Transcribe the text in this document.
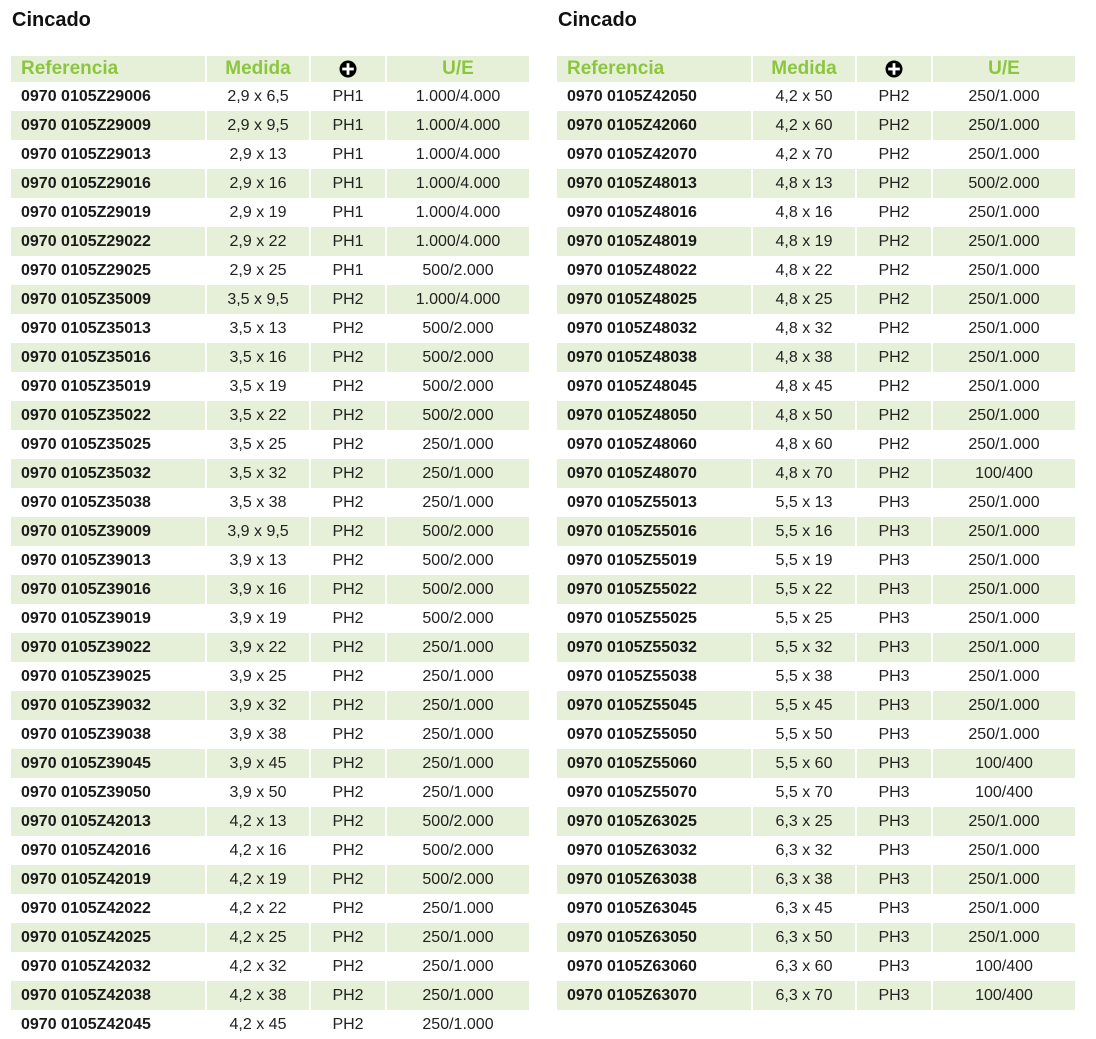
Cincado
Referencia	Medida		U/E
0970 0105Z29006	2,9 x 6,5	PH1	1.000/4.000
0970 0105Z29009	2,9 x 9,5	PH1	1.000/4.000
0970 0105Z29013	2,9 x 13	PH1	1.000/4.000
0970 0105Z29016	2,9 x 16	PH1	1.000/4.000
0970 0105Z29019	2,9 x 19	PH1	1.000/4.000
0970 0105Z29022	2,9 x 22	PH1	1.000/4.000
0970 0105Z29025	2,9 x 25	PH1	500/2.000
0970 0105Z35009	3,5 x 9,5	PH2	1.000/4.000
0970 0105Z35013	3,5 x 13	PH2	500/2.000
0970 0105Z35016	3,5 x 16	PH2	500/2.000
0970 0105Z35019	3,5 x 19	PH2	500/2.000
0970 0105Z35022	3,5 x 22	PH2	500/2.000
0970 0105Z35025	3,5 x 25	PH2	250/1.000
0970 0105Z35032	3,5 x 32	PH2	250/1.000
0970 0105Z35038	3,5 x 38	PH2	250/1.000
0970 0105Z39009	3,9 x 9,5	PH2	500/2.000
0970 0105Z39013	3,9 x 13	PH2	500/2.000
0970 0105Z39016	3,9 x 16	PH2	500/2.000
0970 0105Z39019	3,9 x 19	PH2	500/2.000
0970 0105Z39022	3,9 x 22	PH2	250/1.000
0970 0105Z39025	3,9 x 25	PH2	250/1.000
0970 0105Z39032	3,9 x 32	PH2	250/1.000
0970 0105Z39038	3,9 x 38	PH2	250/1.000
0970 0105Z39045	3,9 x 45	PH2	250/1.000
0970 0105Z39050	3,9 x 50	PH2	250/1.000
0970 0105Z42013	4,2 x 13	PH2	500/2.000
0970 0105Z42016	4,2 x 16	PH2	500/2.000
0970 0105Z42019	4,2 x 19	PH2	500/2.000
0970 0105Z42022	4,2 x 22	PH2	250/1.000
0970 0105Z42025	4,2 x 25	PH2	250/1.000
0970 0105Z42032	4,2 x 32	PH2	250/1.000
0970 0105Z42038	4,2 x 38	PH2	250/1.000
0970 0105Z42045	4,2 x 45	PH2	250/1.000
Cincado
Referencia	Medida		U/E
0970 0105Z42050	4,2 x 50	PH2	250/1.000
0970 0105Z42060	4,2 x 60	PH2	250/1.000
0970 0105Z42070	4,2 x 70	PH2	250/1.000
0970 0105Z48013	4,8 x 13	PH2	500/2.000
0970 0105Z48016	4,8 x 16	PH2	250/1.000
0970 0105Z48019	4,8 x 19	PH2	250/1.000
0970 0105Z48022	4,8 x 22	PH2	250/1.000
0970 0105Z48025	4,8 x 25	PH2	250/1.000
0970 0105Z48032	4,8 x 32	PH2	250/1.000
0970 0105Z48038	4,8 x 38	PH2	250/1.000
0970 0105Z48045	4,8 x 45	PH2	250/1.000
0970 0105Z48050	4,8 x 50	PH2	250/1.000
0970 0105Z48060	4,8 x 60	PH2	250/1.000
0970 0105Z48070	4,8 x 70	PH2	100/400
0970 0105Z55013	5,5 x 13	PH3	250/1.000
0970 0105Z55016	5,5 x 16	PH3	250/1.000
0970 0105Z55019	5,5 x 19	PH3	250/1.000
0970 0105Z55022	5,5 x 22	PH3	250/1.000
0970 0105Z55025	5,5 x 25	PH3	250/1.000
0970 0105Z55032	5,5 x 32	PH3	250/1.000
0970 0105Z55038	5,5 x 38	PH3	250/1.000
0970 0105Z55045	5,5 x 45	PH3	250/1.000
0970 0105Z55050	5,5 x 50	PH3	250/1.000
0970 0105Z55060	5,5 x 60	PH3	100/400
0970 0105Z55070	5,5 x 70	PH3	100/400
0970 0105Z63025	6,3 x 25	PH3	250/1.000
0970 0105Z63032	6,3 x 32	PH3	250/1.000
0970 0105Z63038	6,3 x 38	PH3	250/1.000
0970 0105Z63045	6,3 x 45	PH3	250/1.000
0970 0105Z63050	6,3 x 50	PH3	250/1.000
0970 0105Z63060	6,3 x 60	PH3	100/400
0970 0105Z63070	6,3 x 70	PH3	100/400
